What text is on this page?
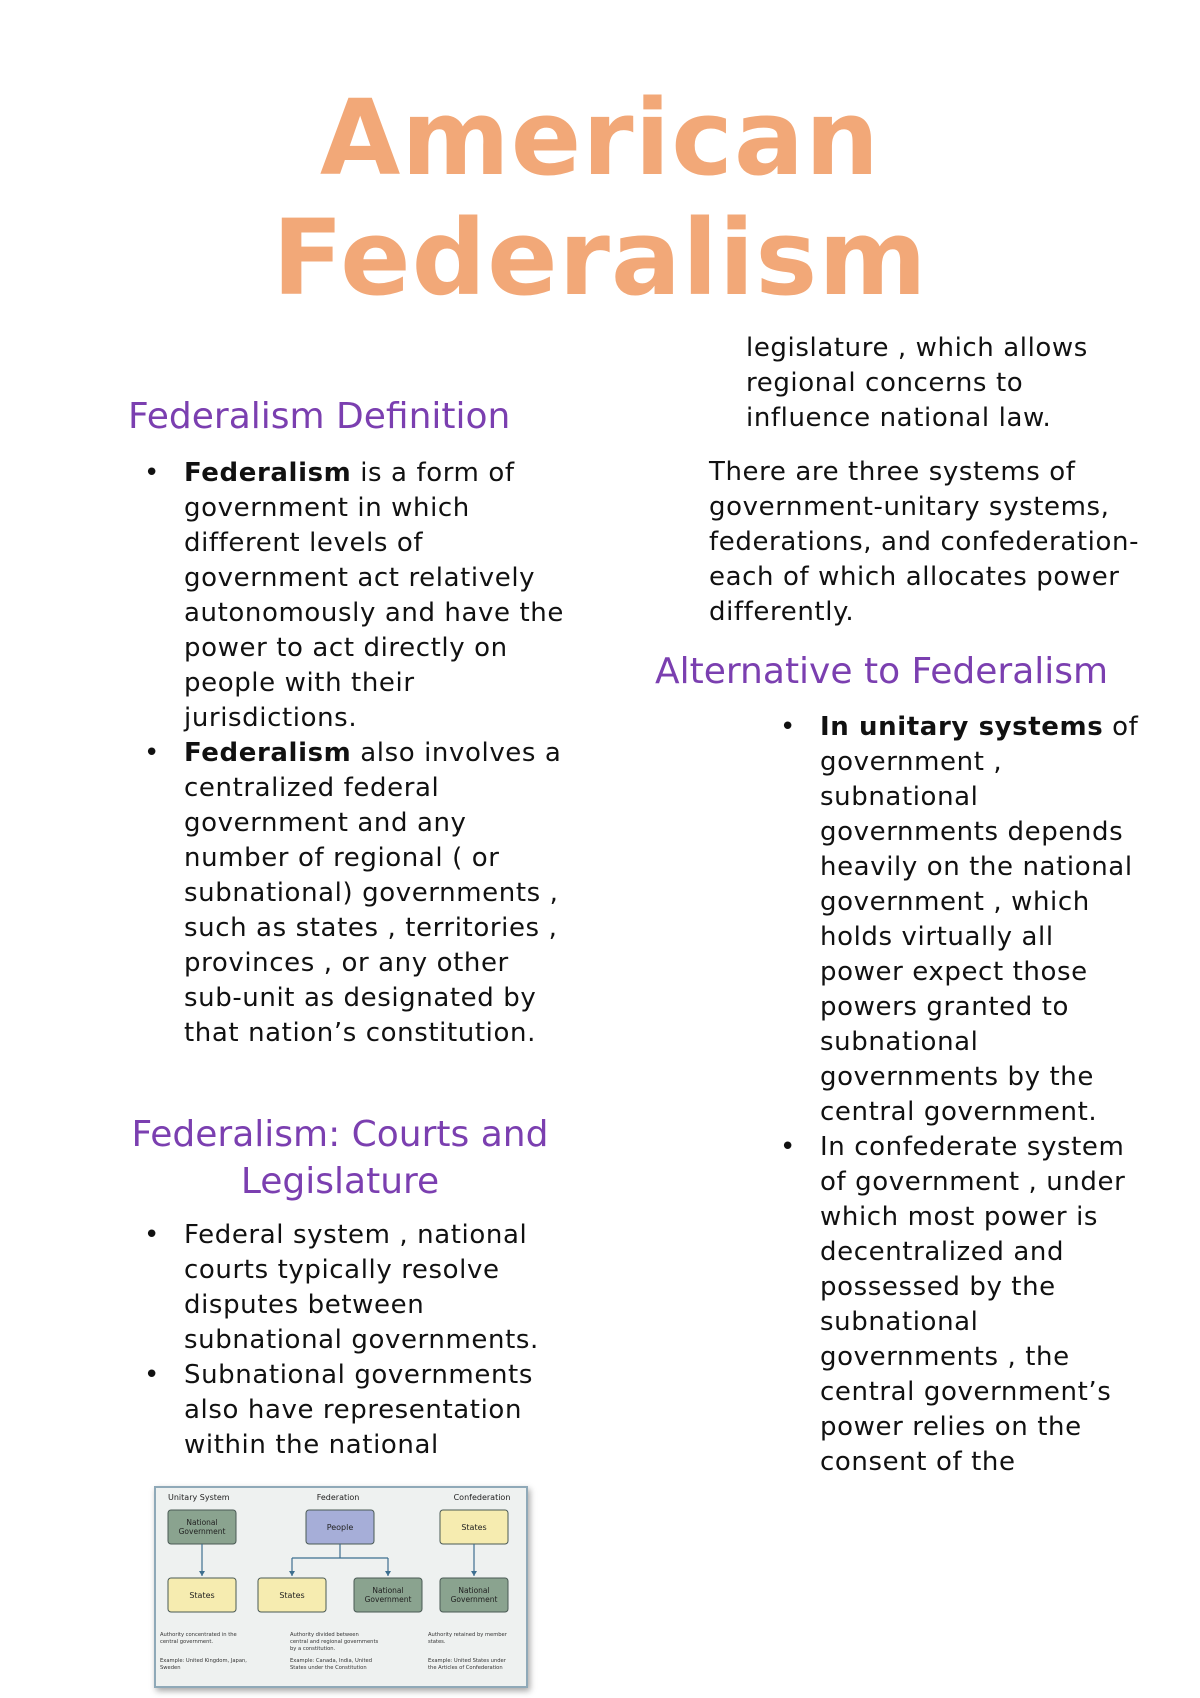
American
Federalism
Federalism Definition
• Federalism is a form of government in which different levels of government act relatively autonomously and have the power to act directly on people with their jurisdictions.
• Federalism also involves a centralized federal government and any number of regional ( or subnational) governments , such as states , territories , provinces , or any other sub-unit as designated by that nation’s constitution.
Federalism: Courts and
Legislature
• Federal system , national courts typically resolve disputes between subnational governments.
• Subnational governments also have representation within the national
Unitary System
National
Government
States
Authority concentrated in the
central government.
Example: United Kingdom, Japan,
Sweden
Federation
People
States
National
Government
Authority divided between
central and regional governments
by a constitution.
Example: Canada, India, United
States under the Constitution
Confederation
States
National
Government
Authority retained by member
states.
Example: United States under
the Articles of Confederation
legislature , which allows regional concerns to influence national law.
There are three systems of government-unitary systems, federations, and confederation- each of which allocates power differently.
Alternative to Federalism
• In unitary systems of government , subnational governments depends heavily on the national government , which holds virtually all power expect those powers granted to subnational governments by the central government.
• In confederate system of government , under which most power is decentralized and possessed by the subnational governments , the central government’s power relies on the consent of the
